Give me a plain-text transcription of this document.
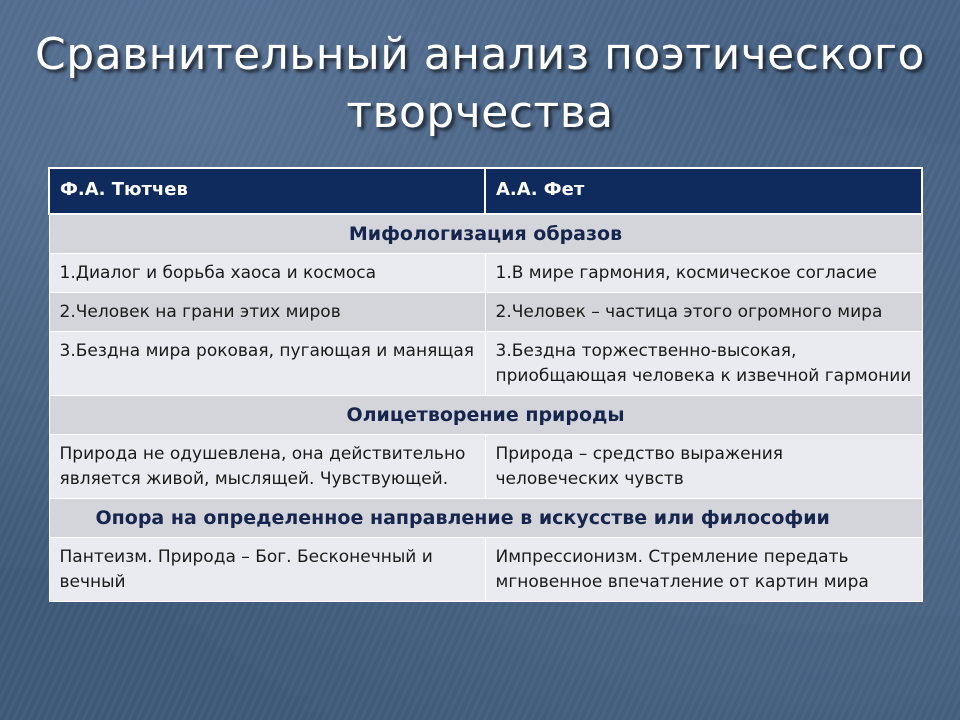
Сравнительный анализ поэтического
творчества
Ф.А. Тютчев	А.А. Фет
Мифологизация образов	
1.Диалог и борьба хаоса и космоса	1.В мире гармония, космическое согласие
2.Человек на грани этих миров	2.Человек – частица этого огромного мира
3.Бездна мира роковая, пугающая и манящая	3.Бездна торжественно-высокая, приобщающая человека к извечной гармонии
Олицетворение природы	
Природа не одушевлена, она действительно является живой, мыслящей. Чувствующей.	Природа – средство выражения человеческих чувств
Опора на определенное направление в искусстве или философии	
Пантеизм. Природа – Бог. Бесконечный и вечный	Импрессионизм. Стремление передать мгновенное впечатление от картин мира
